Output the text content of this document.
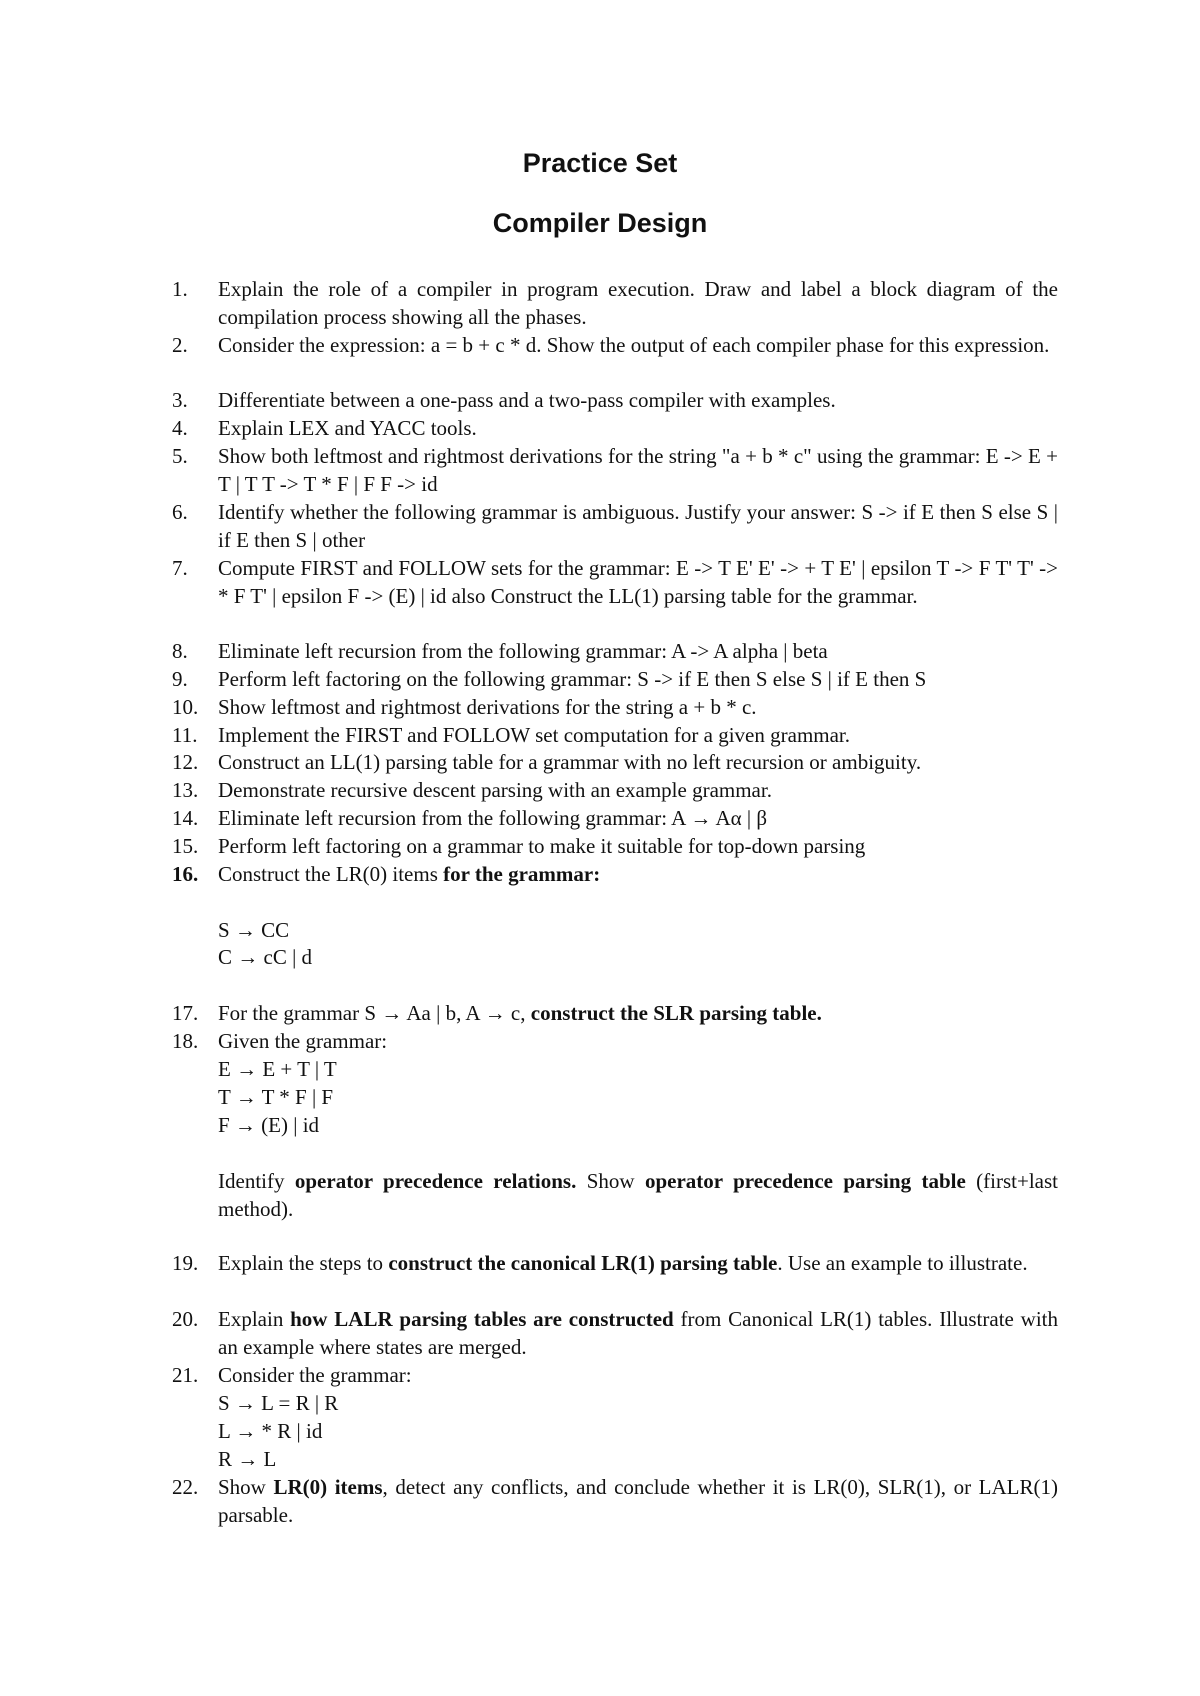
Practice Set
Compiler Design
1.	Explain the role of a compiler in program execution. Draw and label a block diagram of the compilation process showing all the phases.
2.	Consider the expression: a = b + c * d. Show the output of each compiler phase for this expression.
3.	Differentiate between a one-pass and a two-pass compiler with examples.
4.	Explain LEX and YACC tools.
5.	Show both leftmost and rightmost derivations for the string "a + b * c" using the grammar: E -> E + T | T T -> T * F | F F -> id
6.	Identify whether the following grammar is ambiguous. Justify your answer: S -> if E then S else S | if E then S | other
7.	Compute FIRST and FOLLOW sets for the grammar: E -> T E' E' -> + T E' | epsilon T -> F T' T' -> * F T' | epsilon F -> (E) | id also Construct the LL(1) parsing table for the grammar.
8.	Eliminate left recursion from the following grammar: A -> A alpha | beta
9.	Perform left factoring on the following grammar: S -> if E then S else S | if E then S
10. Show leftmost and rightmost derivations for the string a + b * c.
11. Implement the FIRST and FOLLOW set computation for a given grammar.
12. Construct an LL(1) parsing table for a grammar with no left recursion or ambiguity.
13. Demonstrate recursive descent parsing with an example grammar.
14. Eliminate left recursion from the following grammar: A → Aα | β
15. Perform left factoring on a grammar to make it suitable for top-down parsing
16. Construct the LR(0) items for the grammar:
S → CC
C → cC | d
17. For the grammar S → Aa | b, A → c, construct the SLR parsing table.
18. Given the grammar:
E → E + T | T
T → T * F | F
F → (E) | id
Identify operator precedence relations. Show operator precedence parsing table (first+last method).
19. Explain the steps to construct the canonical LR(1) parsing table. Use an example to illustrate.
20. Explain how LALR parsing tables are constructed from Canonical LR(1) tables. Illustrate with an example where states are merged.
21. Consider the grammar:
S → L = R | R
L → * R | id
R → L
22. Show LR(0) items, detect any conflicts, and conclude whether it is LR(0), SLR(1), or LALR(1) parsable.
